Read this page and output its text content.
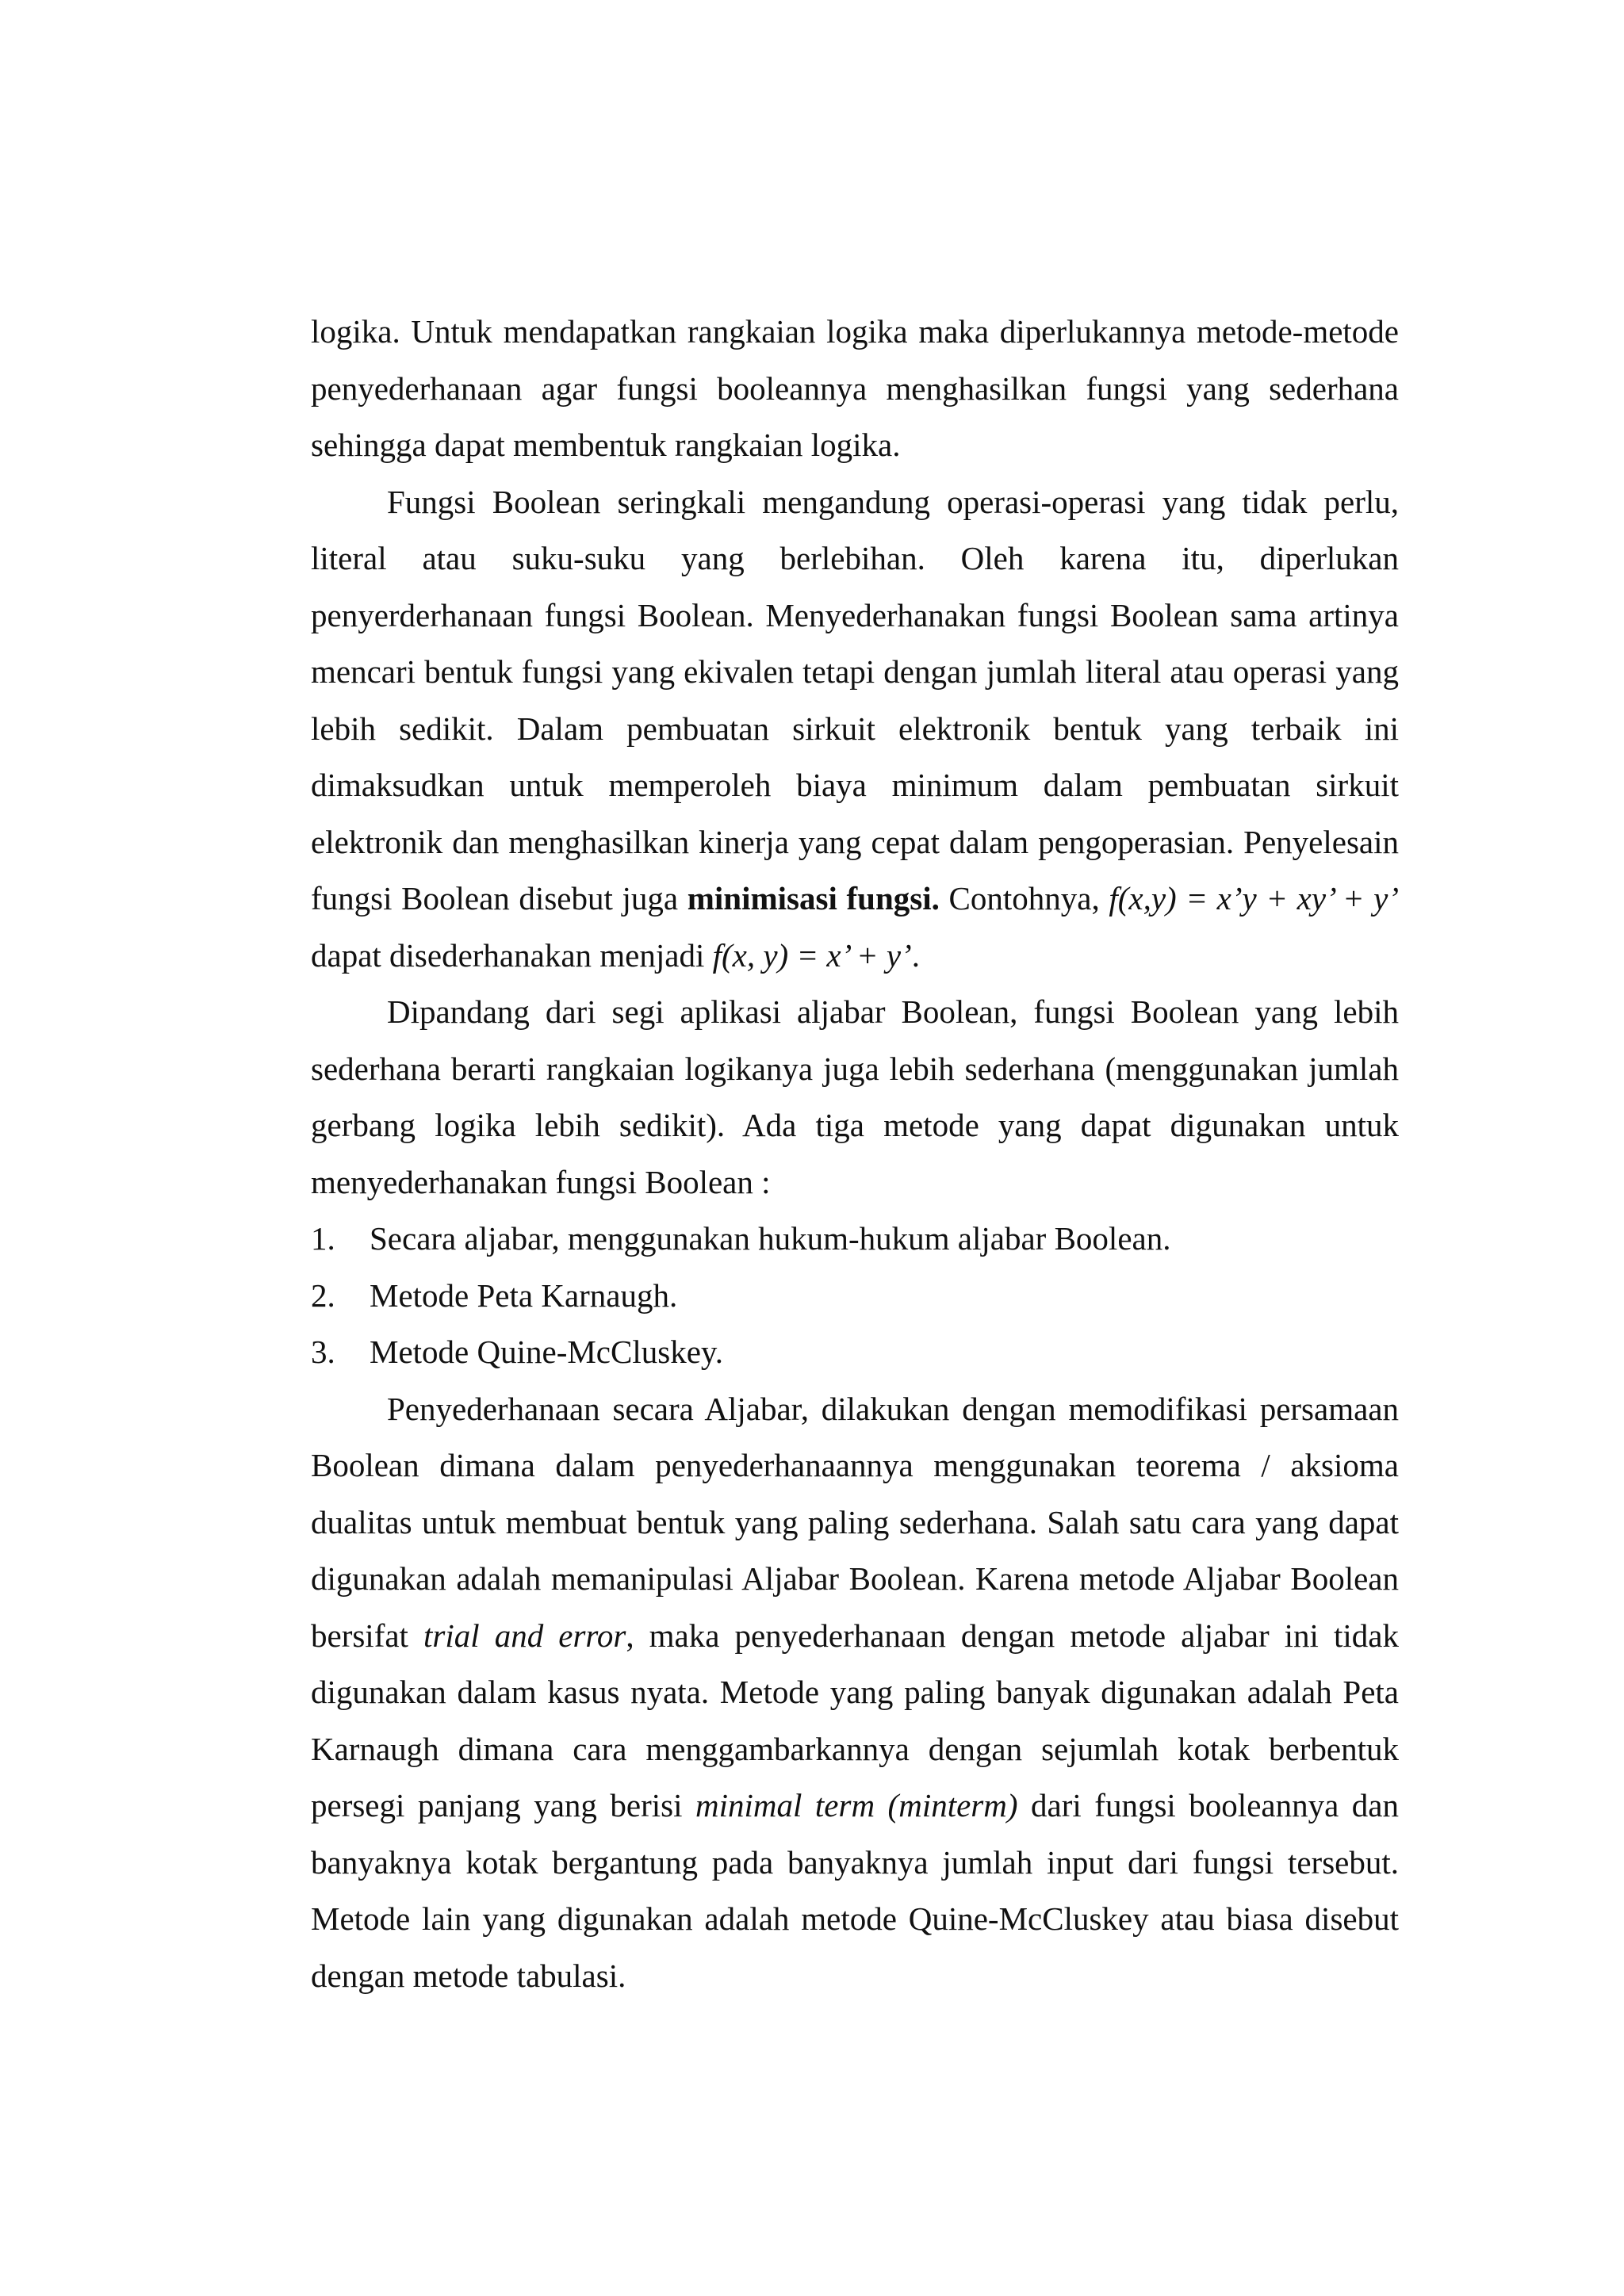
logika. Untuk mendapatkan rangkaian logika maka diperlukannya metode-metode penyederhanaan agar fungsi booleannya menghasilkan fungsi yang sederhana sehingga dapat membentuk rangkaian logika.

Fungsi Boolean seringkali mengandung operasi-operasi yang tidak perlu, literal atau suku-suku yang berlebihan. Oleh karena itu, diperlukan penyerderhanaan fungsi Boolean. Menyederhanakan fungsi Boolean sama artinya mencari bentuk fungsi yang ekivalen tetapi dengan jumlah literal atau operasi yang lebih sedikit. Dalam pembuatan sirkuit elektronik bentuk yang terbaik ini dimaksudkan untuk memperoleh biaya minimum dalam pembuatan sirkuit elektronik dan menghasilkan kinerja yang cepat dalam pengoperasian. Penyelesain fungsi Boolean disebut juga minimisasi fungsi. Contohnya, f(x,y) = x’y + xy’ + y’ dapat disederhanakan menjadi f(x, y) = x’ + y’.

Dipandang dari segi aplikasi aljabar Boolean, fungsi Boolean yang lebih sederhana berarti rangkaian logikanya juga lebih sederhana (menggunakan jumlah gerbang logika lebih sedikit). Ada tiga metode yang dapat digunakan untuk menyederhanakan fungsi Boolean :

1.	Secara aljabar, menggunakan hukum-hukum aljabar Boolean.
2.	Metode Peta Karnaugh.
3.	Metode Quine-McCluskey.

Penyederhanaan secara Aljabar, dilakukan dengan memodifikasi persamaan Boolean dimana dalam penyederhanaannya menggunakan teorema / aksioma dualitas untuk membuat bentuk yang paling sederhana. Salah satu cara yang dapat digunakan adalah memanipulasi Aljabar Boolean. Karena metode Aljabar Boolean bersifat trial and error, maka penyederhanaan dengan metode aljabar ini tidak digunakan dalam kasus nyata. Metode yang paling banyak digunakan adalah Peta Karnaugh dimana cara menggambarkannya dengan sejumlah kotak berbentuk persegi panjang yang berisi minimal term (minterm) dari fungsi booleannya dan banyaknya kotak bergantung pada banyaknya jumlah input dari fungsi tersebut. Metode lain yang digunakan adalah metode Quine-McCluskey atau biasa disebut dengan metode tabulasi.
